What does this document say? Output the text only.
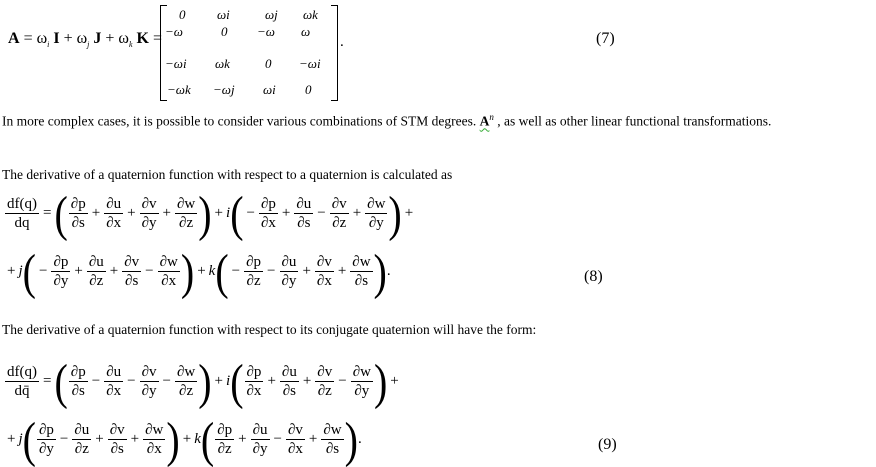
$A = \omega_i$ $I + \omega_j$ $J + \omega_k$ K =
0 ωi	ωj ωk
−ω	0 −ω ω
−ωi ωk	0 −ωi
−ωk −ωj ωi 0
.	(7)
In more complex cases, it is possible to consider various combinations of STM degrees. $A^n$ , as well as other linear functional transformations.
The derivative of a quaternion function with respect to a quaternion is calculated as
$\frac{df(q)}{dq}$ = ( $\frac{\partial p}{\partial s} + \frac{\partial u}{\partial x} + \frac{\partial v}{\partial y} + \frac{\partial w}{\partial z}$ ) + i ( − $\frac{\partial p}{\partial x} + \frac{\partial u}{\partial s} - \frac{\partial v}{\partial z} + \frac{\partial w}{\partial y}$ ) +
+ j ( − $\frac{\partial p}{\partial y} + \frac{\partial u}{\partial z} + \frac{\partial v}{\partial s} - \frac{\partial w}{\partial x}$ ) + k ( − $\frac{\partial p}{\partial z} - \frac{\partial u}{\partial y} + \frac{\partial v}{\partial x} + \frac{\partial w}{\partial s}$ ) .	(8)
The derivative of a quaternion function with respect to its conjugate quaternion will have the form:
$\frac{df(q)}{dq̄}$ = ( $\frac{\partial p}{\partial s} - \frac{\partial u}{\partial x} - \frac{\partial v}{\partial y} - \frac{\partial w}{\partial z}$ ) + i ( $\frac{\partial p}{\partial x} + \frac{\partial u}{\partial s} + \frac{\partial v}{\partial z} - \frac{\partial w}{\partial y}$ ) +
+ j ( $\frac{\partial p}{\partial y} - \frac{\partial u}{\partial z} + \frac{\partial v}{\partial s} + \frac{\partial w}{\partial x}$ ) + k ( $\frac{\partial p}{\partial z} + \frac{\partial u}{\partial y} - \frac{\partial v}{\partial x} + \frac{\partial w}{\partial s}$ ) .	(9)
